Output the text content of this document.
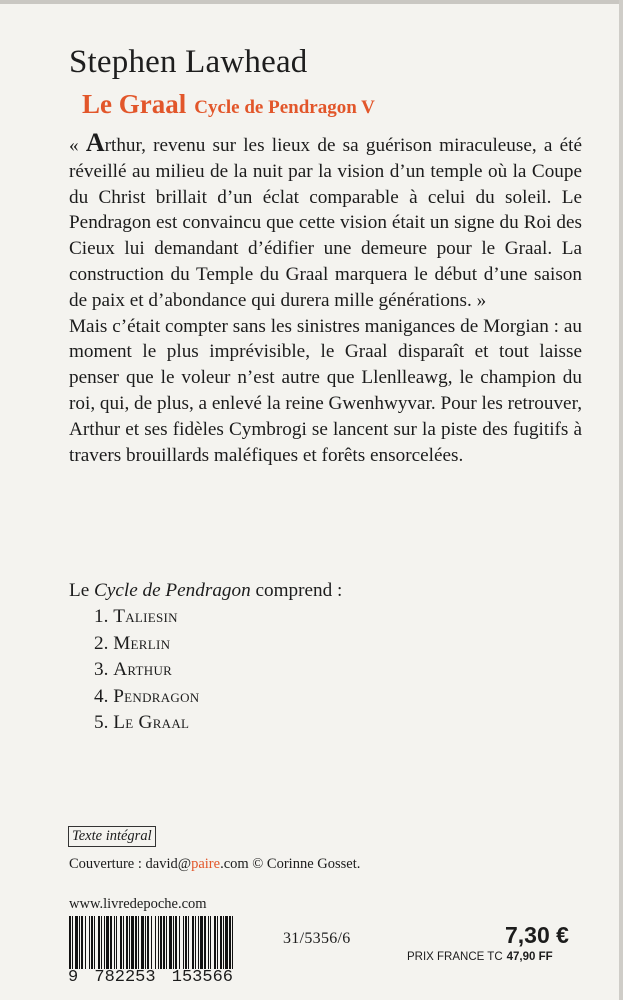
Stephen Lawhead
Le Graal Cycle de Pendragon V

« Arthur, revenu sur les lieux de sa guérison miraculeuse, a été réveillé au milieu de la nuit par la vision d’un temple où la Coupe du Christ brillait d’un éclat comparable à celui du soleil. Le Pendragon est convaincu que cette vision était un signe du Roi des Cieux lui demandant d’édifier une demeure pour le Graal. La construction du Temple du Graal marquera le début d’une saison de paix et d’abondance qui durera mille générations. »

Mais c’était compter sans les sinistres manigances de Morgian : au moment le plus imprévisible, le Graal disparaît et tout laisse penser que le voleur n’est autre que Llenlleawg, le champion du roi, qui, de plus, a enlevé la reine Gwenhwyvar. Pour les retrouver, Arthur et ses fidèles Cymbrogi se lancent sur la piste des fugitifs à travers brouillards maléfiques et forêts ensorcelées.

Le Cycle de Pendragon comprend :
1. Taliesin
2. Merlin
3. Arthur
4. Pendragon
5. Le Graal
Texte intégral
Couverture : david@paire.com © Corinne Gosset.
www.livredepoche.com
9 782253 153566
31/5356/6	7,30 €
PRIX FRANCE TC 47,90 FF
